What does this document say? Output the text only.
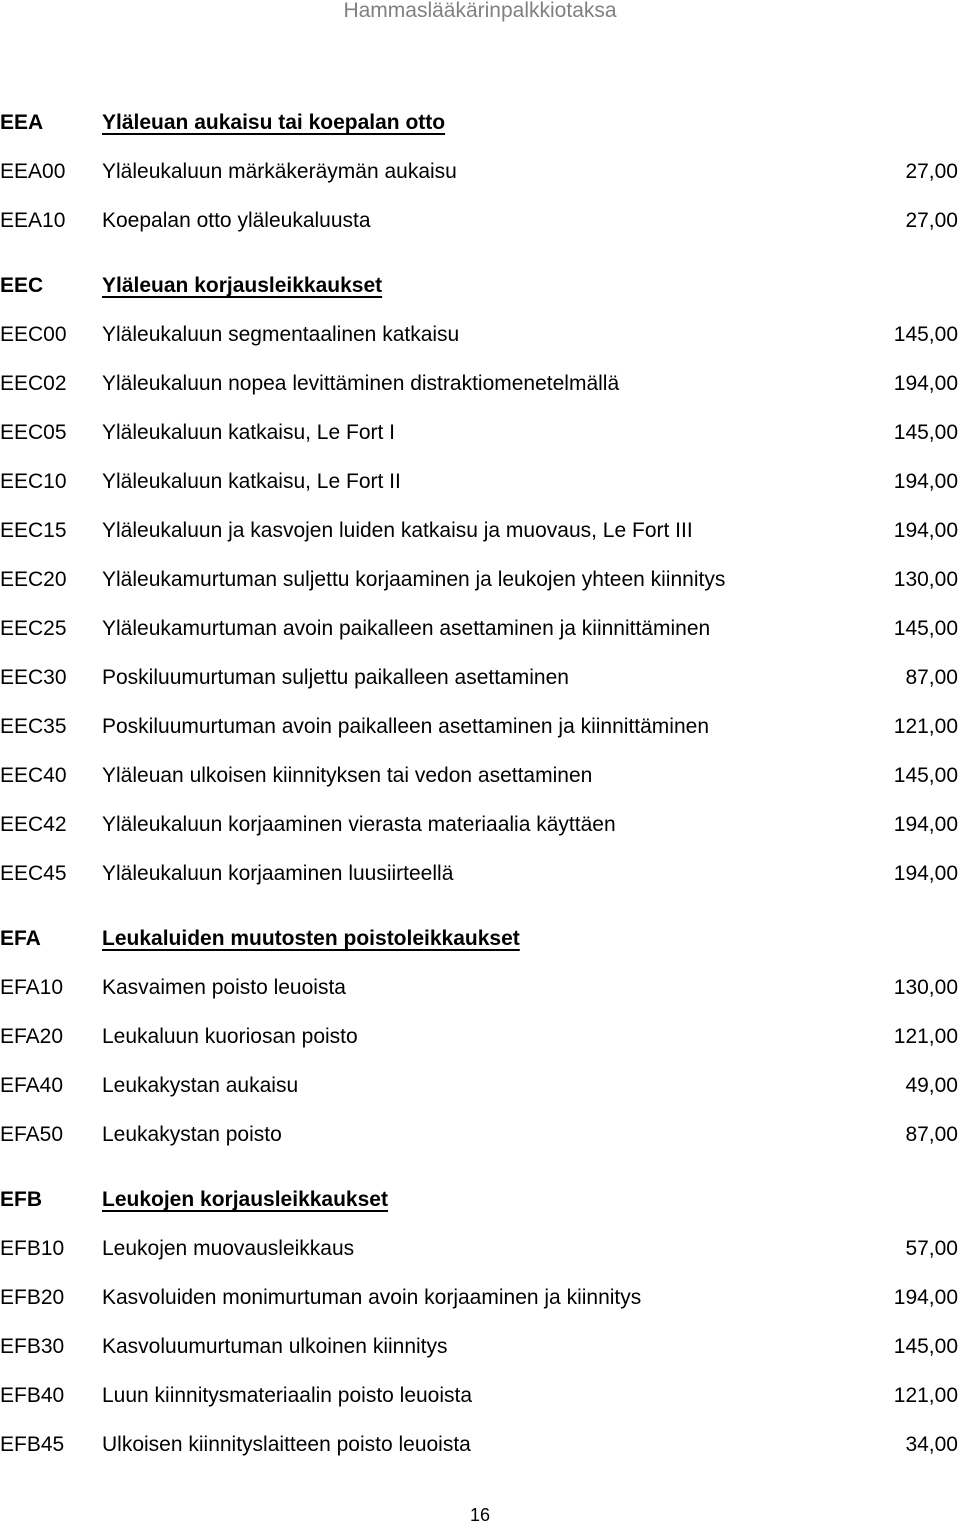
Hammaslääkärinpalkkiotaksa
EEA	Yläleuan aukaisu tai koepalan otto
EEA00 Yläleukaluun märkäkeräymän aukaisu	27,00
EEA10 Koepalan otto yläleukaluusta	27,00
EEC	Yläleuan korjausleikkaukset
EEC00 Yläleukaluun segmentaalinen katkaisu	145,00
EEC02 Yläleukaluun nopea levittäminen distraktiomenetelmällä	194,00
EEC05 Yläleukaluun katkaisu, Le Fort I	145,00
EEC10 Yläleukaluun katkaisu, Le Fort II	194,00
EEC15 Yläleukaluun ja kasvojen luiden katkaisu ja muovaus, Le Fort III	194,00
EEC20 Yläleukamurtuman suljettu korjaaminen ja leukojen yhteen kiinnitys	130,00
EEC25 Yläleukamurtuman avoin paikalleen asettaminen ja kiinnittäminen	145,00
EEC30 Poskiluumurtuman suljettu paikalleen asettaminen	87,00
EEC35 Poskiluumurtuman avoin paikalleen asettaminen ja kiinnittäminen	121,00
EEC40 Yläleuan ulkoisen kiinnityksen tai vedon asettaminen	145,00
EEC42 Yläleukaluun korjaaminen vierasta materiaalia käyttäen	194,00
EEC45 Yläleukaluun korjaaminen luusiirteellä	194,00
EFA	Leukaluiden muutosten poistoleikkaukset
EFA10 Kasvaimen poisto leuoista	130,00
EFA20 Leukaluun kuoriosan poisto	121,00
EFA40 Leukakystan aukaisu	49,00
EFA50 Leukakystan poisto	87,00
EFB	Leukojen korjausleikkaukset
EFB10 Leukojen muovausleikkaus	57,00
EFB20 Kasvoluiden monimurtuman avoin korjaaminen ja kiinnitys	194,00
EFB30 Kasvoluumurtuman ulkoinen kiinnitys	145,00
EFB40 Luun kiinnitysmateriaalin poisto leuoista	121,00
EFB45 Ulkoisen kiinnityslaitteen poisto leuoista	34,00
16
